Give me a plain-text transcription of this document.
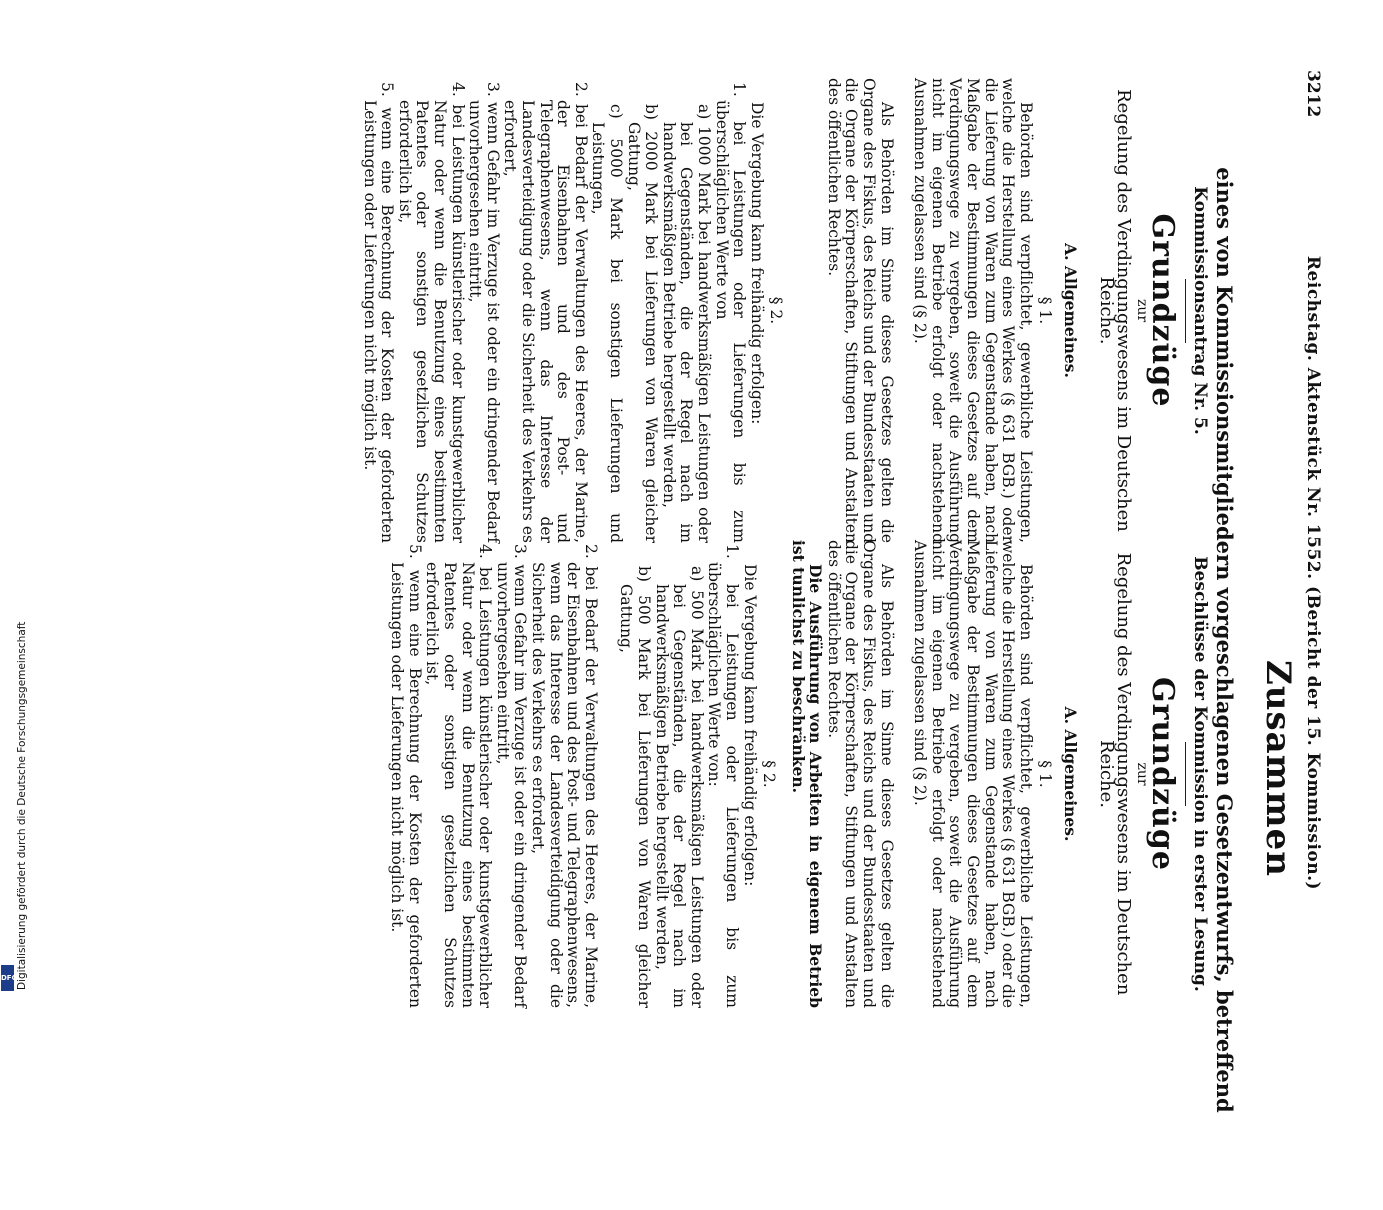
3212 Reichstag. Aktenstück Nr. 1552. (Bericht der 15. Kommission.)
Zusammen
eines von Kommissionsmitgliedern vorgeschlagenen Gesetzentwurfs, betreffend
Kommissionsantrag Nr. 5.
Grundzüge
zur
Regelung des Verdingungswesens im Deutschen
Reiche.
A. Allgemeines.
§ 1.

Behörden sind verpflichtet, gewerbliche Leistungen, welche die Herstellung eines Werkes (§ 631 BGB.) oder die Lieferung von Waren zum Gegenstande haben, nach Maßgabe der Bestimmungen dieses Gesetzes auf dem Verdingungswege zu vergeben, soweit die Ausführung nicht im eigenen Betriebe erfolgt oder nachstehend Ausnahmen zugelassen sind (§ 2).

Als Behörden im Sinne dieses Gesetzes gelten die Organe des Fiskus, des Reichs und der Bundesstaaten und die Organe der Körperschaften, Stiftungen und Anstalten des öffentlichen Rechtes.

§ 2.

Die Vergebung kann freihändig erfolgen:

1. bei Leistungen oder Lieferungen bis zum überschläglichen Werte von
a) 1000 Mark bei handwerksmäßigen Leistungen oder bei Gegenständen, die der Regel nach im handwerksmäßigen Betriebe hergestellt werden,
b) 2000 Mark bei Lieferungen von Waren gleicher Gattung,
c) 5000 Mark bei sonstigen Lieferungen und Leistungen,
2. bei Bedarf der Verwaltungen des Heeres, der Marine, der Eisenbahnen und des Post- und Telegraphenwesens, wenn das Interesse der Landesverteidigung oder die Sicherheit des Verkehrs es erfordert,
3. wenn Gefahr im Verzuge ist oder ein dringender Bedarf unvorhergesehen eintritt,
4. bei Leistungen künstlerischer oder kunstgewerblicher Natur oder wenn die Benutzung eines bestimmten Patentes oder sonstigen gesetzlichen Schutzes erforderlich ist,
5. wenn eine Berechnung der Kosten der geforderten Leistungen oder Lieferungen nicht möglich ist.
Beschlüsse der Kommission in erster Lesung.
Grundzüge
zur
Regelung des Verdingungswesens im Deutschen
Reiche.
A. Allgemeines.
§ 1.

Behörden sind verpflichtet, gewerbliche Leistungen, welche die Herstellung eines Werkes (§ 631 BGB.) oder die Lieferung von Waren zum Gegenstande haben, nach Maßgabe der Bestimmungen dieses Gesetzes auf dem Verdingungswege zu vergeben, soweit die Ausführung nicht im eigenen Betriebe erfolgt oder nachstehend Ausnahmen zugelassen sind (§ 2).

Als Behörden im Sinne dieses Gesetzes gelten die Organe des Fiskus, des Reichs und der Bundesstaaten und die Organe der Körperschaften, Stiftungen und Anstalten des öffentlichen Rechtes.

Die Ausführung von Arbeiten in eigenem Betrieb ist tunlichst zu beschränken.

§ 2.

Die Vergebung kann freihändig erfolgen:

1. bei Leistungen oder Lieferungen bis zum überschläglichen Werte von:
a) 500 Mark bei handwerksmäßigen Leistungen oder bei Gegenständen, die der Regel nach im handwerksmäßigen Betriebe hergestellt werden,
b) 500 Mark bei Lieferungen von Waren gleicher Gattung,
2. bei Bedarf der Verwaltungen des Heeres, der Marine, der Eisenbahnen und des Post- und Telegraphenwesens, wenn das Interesse der Landesverteidigung oder die Sicherheit des Verkehrs es erfordert,
3. wenn Gefahr im Verzuge ist oder ein dringender Bedarf unvorhergesehen eintritt,
4. bei Leistungen künstlerischer oder kunstgewerblicher Natur oder wenn die Benutzung eines bestimmten Patentes oder sonstigen gesetzlichen Schutzes erforderlich ist,
5. wenn eine Berechnung der Kosten der geforderten Leistungen oder Lieferungen nicht möglich ist.
DFG
Digitalisierung gefördert durch die Deutsche Forschungsgemeinschaft
